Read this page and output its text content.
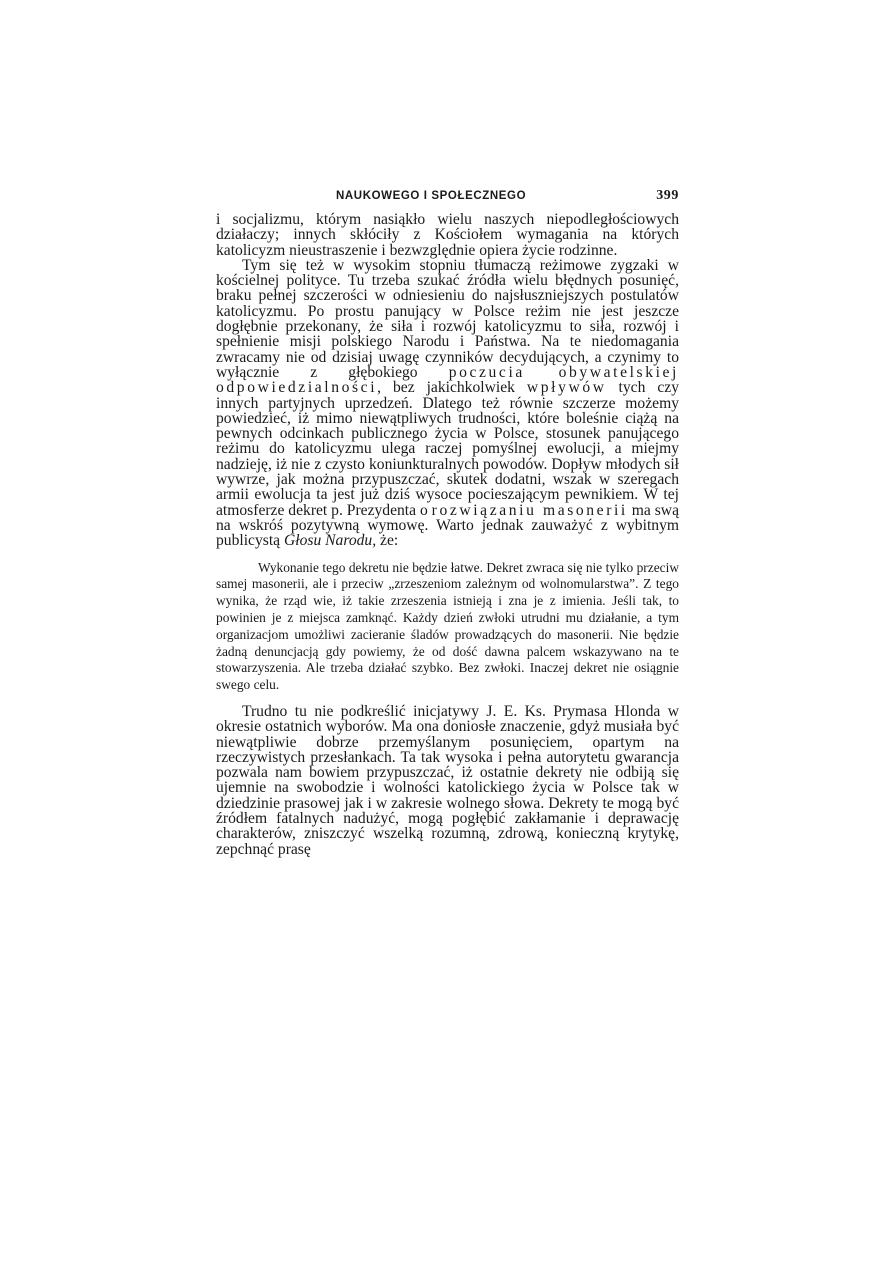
NAUKOWEGO I SPOŁECZNEGO	399

i socjalizmu, którym nasiąkło wielu naszych niepodległościowych działaczy; innych skłóciły z Kościołem wymagania na których katolicyzm nieustraszenie i bezwzględnie opiera życie rodzinne.

Tym się też w wysokim stopniu tłumaczą reżimowe zygzaki w kościelnej polityce. Tu trzeba szukać źródła wielu błędnych posunięć, braku pełnej szczerości w odniesieniu do najsłuszniejszych postulatów katolicyzmu. Po prostu panujący w Polsce reżim nie jest jeszcze dogłębnie przekonany, że siła i rozwój katolicyzmu to siła, rozwój i spełnienie misji polskiego Narodu i Państwa. Na te niedomagania zwracamy nie od dzisiaj uwagę czynników decydujących, a czynimy to wyłącznie z głębokiego poczucia obywatelskiej odpowiedzialności, bez jakichkolwiek wpływów tych czy innych partyjnych uprzedzeń. Dlatego też równie szczerze możemy powiedzieć, iż mimo niewątpliwych trudności, które boleśnie ciążą na pewnych odcinkach publicznego życia w Polsce, stosunek panującego reżimu do katolicyzmu ulega raczej pomyślnej ewolucji, a miejmy nadzieję, iż nie z czysto koniunkturalnych powodów. Dopływ młodych sił wywrze, jak można przypuszczać, skutek dodatni, wszak w szeregach armii ewolucja ta jest już dziś wysoce pocieszającym pewnikiem. W tej atmosferze dekret p. Prezydenta o rozwiązaniu masonerii ma swą na wskróś pozytywną wymowę. Warto jednak zauważyć z wybitnym publicystą Głosu Narodu, że:

Wykonanie tego dekretu nie będzie łatwe. Dekret zwraca się nie tylko przeciw samej masonerii, ale i przeciw „zrzeszeniom zależnym od wolnomularstwa”. Z tego wynika, że rząd wie, iż takie zrzeszenia istnieją i zna je z imienia. Jeśli tak, to powinien je z miejsca zamknąć. Każdy dzień zwłoki utrudni mu działanie, a tym organizacjom umożliwi zacieranie śladów prowadzących do masonerii. Nie będzie żadną denuncjacją gdy powiemy, że od dość dawna palcem wskazywano na te stowarzyszenia. Ale trzeba działać szybko. Bez zwłoki. Inaczej dekret nie osiągnie swego celu.

Trudno tu nie podkreślić inicjatywy J. E. Ks. Prymasa Hlonda w okresie ostatnich wyborów. Ma ona doniosłe znaczenie, gdyż musiała być niewątpliwie dobrze przemyślanym posunięciem, opartym na rzeczywistych przesłankach. Ta tak wysoka i pełna autorytetu gwarancja pozwala nam bowiem przypuszczać, iż ostatnie dekrety nie odbiją się ujemnie na swobodzie i wolności katolickiego życia w Polsce tak w dziedzinie prasowej jak i w zakresie wolnego słowa. Dekrety te mogą być źródłem fatalnych nadużyć, mogą pogłębić zakłamanie i deprawację charakterów, zniszczyć wszelką rozumną, zdrową, konieczną krytykę, zepchnąć prasę
